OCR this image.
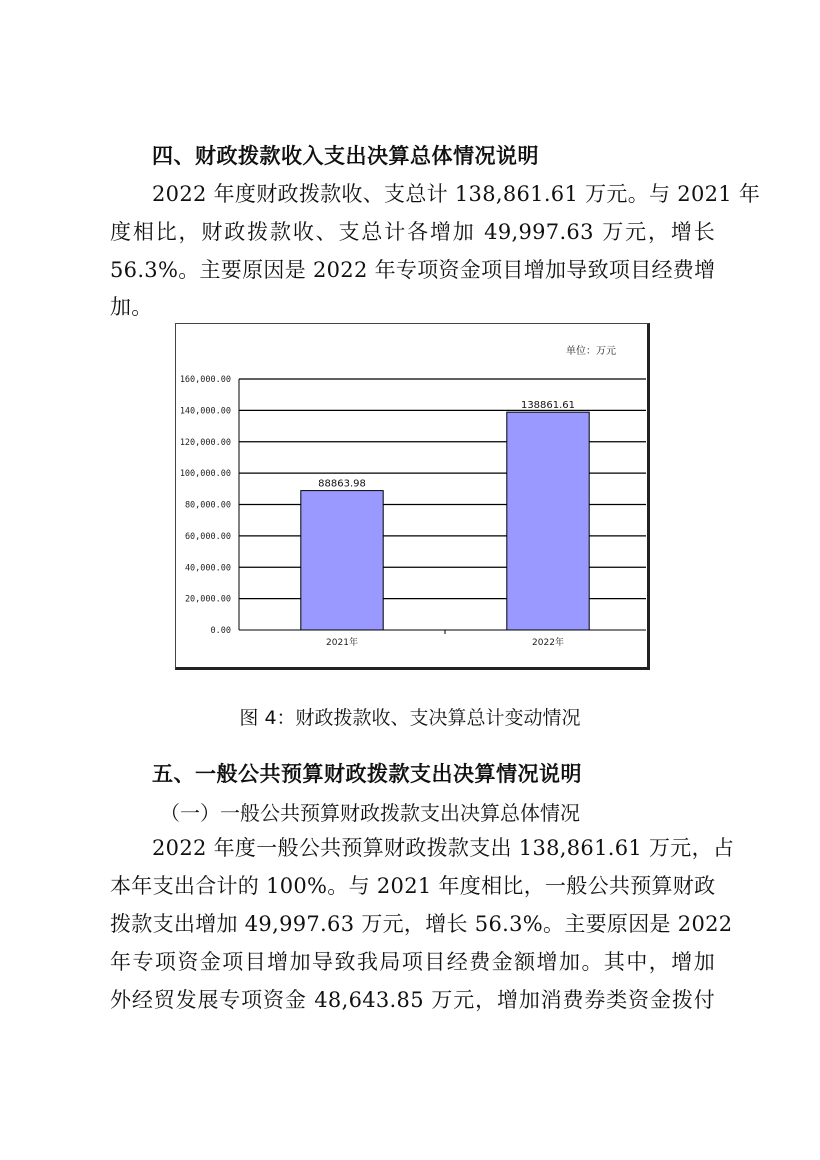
四、财政拨款收入支出决算总体情况说明
2022 年度财政拨款收、支总计 138,861.61 万元。与 2021 年
度相比，财政拨款收、支总计各增加 49,997.63 万元，增长
56.3%。主要原因是 2022 年专项资金项目增加导致项目经费增
加。
单位：万元
0.00
20,000.00
40,000.00
60,000.00
80,000.00
100,000.00
120,000.00
140,000.00
160,000.00
88863.98
2021年
138861.61
2022年
图 4：财政拨款收、支决算总计变动情况
五、一般公共预算财政拨款支出决算情况说明
（一）一般公共预算财政拨款支出决算总体情况
2022 年度一般公共预算财政拨款支出 138,861.61 万元，占
本年支出合计的 100%。与 2021 年度相比，一般公共预算财政
拨款支出增加 49,997.63 万元，增长 56.3%。主要原因是 2022
年专项资金项目增加导致我局项目经费金额增加。其中，增加
外经贸发展专项资金 48,643.85 万元，增加消费券类资金拨付
